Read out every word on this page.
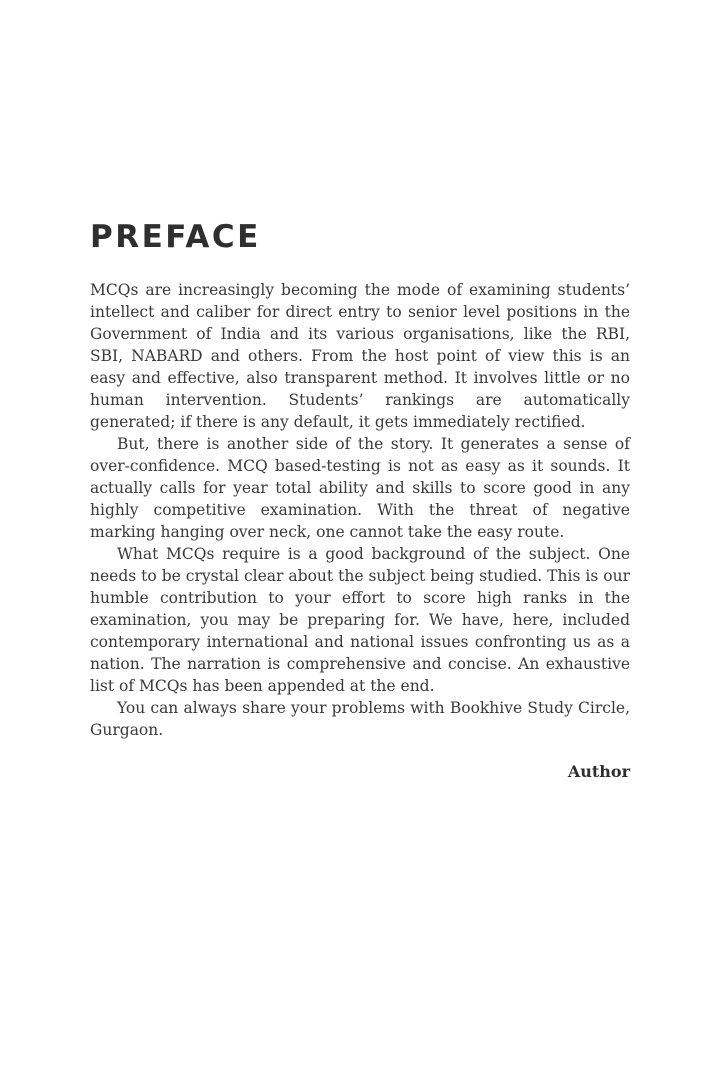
PREFACE

MCQs are increasingly becoming the mode of examining students’ intellect and caliber for direct entry to senior level positions in the Government of India and its various organisations, like the RBI, SBI, NABARD and others. From the host point of view this is an easy and effective, also transparent method. It involves little or no human intervention. Students’ rankings are automatically generated; if there is any default, it gets immediately rectified.

But, there is another side of the story. It generates a sense of over-confidence. MCQ based-testing is not as easy as it sounds. It actually calls for year total ability and skills to score good in any highly competitive examination. With the threat of negative marking hanging over neck, one cannot take the easy route.

What MCQs require is a good background of the subject. One needs to be crystal clear about the subject being studied. This is our humble contribution to your effort to score high ranks in the examination, you may be preparing for. We have, here, included contemporary international and national issues confronting us as a nation. The narration is comprehensive and concise. An exhaustive list of MCQs has been appended at the end.

You can always share your problems with Bookhive Study Circle, Gurgaon.

Author
